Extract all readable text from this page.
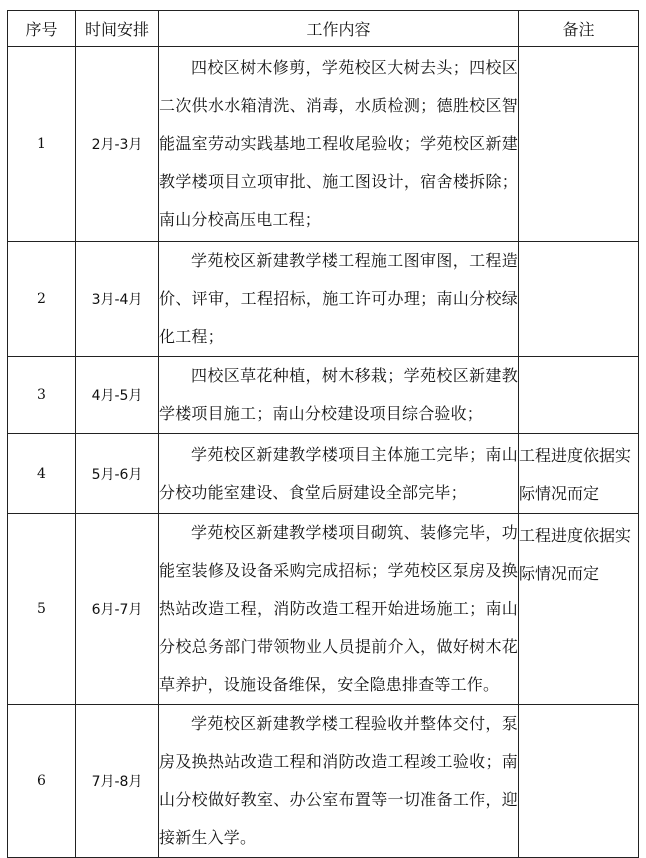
序号	时间安排	工作内容	备注
1	2月-3月	四校区树木修剪，学苑校区大树去头；四校区二次供水水箱清洗、消毒，水质检测；德胜校区智能温室劳动实践基地工程收尾验收；学苑校区新建教学楼项目立项审批、施工图设计，宿舍楼拆除；南山分校高压电工程；	

2	3月-4月	学苑校区新建教学楼工程施工图审图，工程造价、评审，工程招标，施工许可办理；南山分校绿化工程；	

3	4月-5月	四校区草花种植，树木移栽；学苑校区新建教学楼项目施工；南山分校建设项目综合验收；	

4	5月-6月	学苑校区新建教学楼项目主体施工完毕；南山分校功能室建设、食堂后厨建设全部完毕；	工程进度依据实际情况而定

5	6月-7月	学苑校区新建教学楼项目砌筑、装修完毕，功能室装修及设备采购完成招标；学苑校区泵房及换热站改造工程，消防改造工程开始进场施工；南山分校总务部门带领物业人员提前介入，做好树木花草养护，设施设备维保，安全隐患排查等工作。	工程进度依据实际情况而定

6	7月-8月	学苑校区新建教学楼工程验收并整体交付，泵房及换热站改造工程和消防改造工程竣工验收；南山分校做好教室、办公室布置等一切准备工作，迎接新生入学。	
